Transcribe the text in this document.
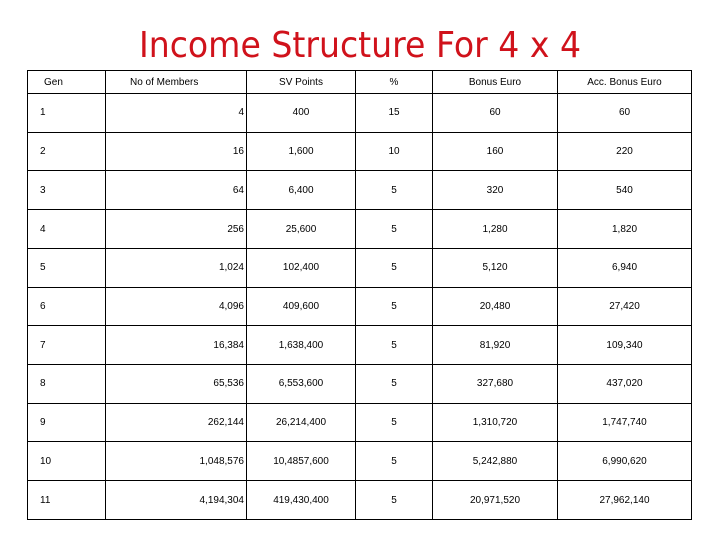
Income Structure For 4 x 4
Gen	No of Members	SV Points	%	Bonus Euro	Acc. Bonus Euro
1	4	400	15	60	60
2	16	1,600	10	160	220
3	64	6,400	5	320	540
4	256	25,600	5	1,280	1,820
5	1,024	102,400	5	5,120	6,940
6	4,096	409,600	5	20,480	27,420
7	16,384	1,638,400	5	81,920	109,340
8	65,536	6,553,600	5	327,680	437,020
9	262,144	26,214,400	5	1,310,720	1,747,740
10	1,048,576	10,4857,600	5	5,242,880	6,990,620
11	4,194,304	419,430,400	5	20,971,520	27,962,140
